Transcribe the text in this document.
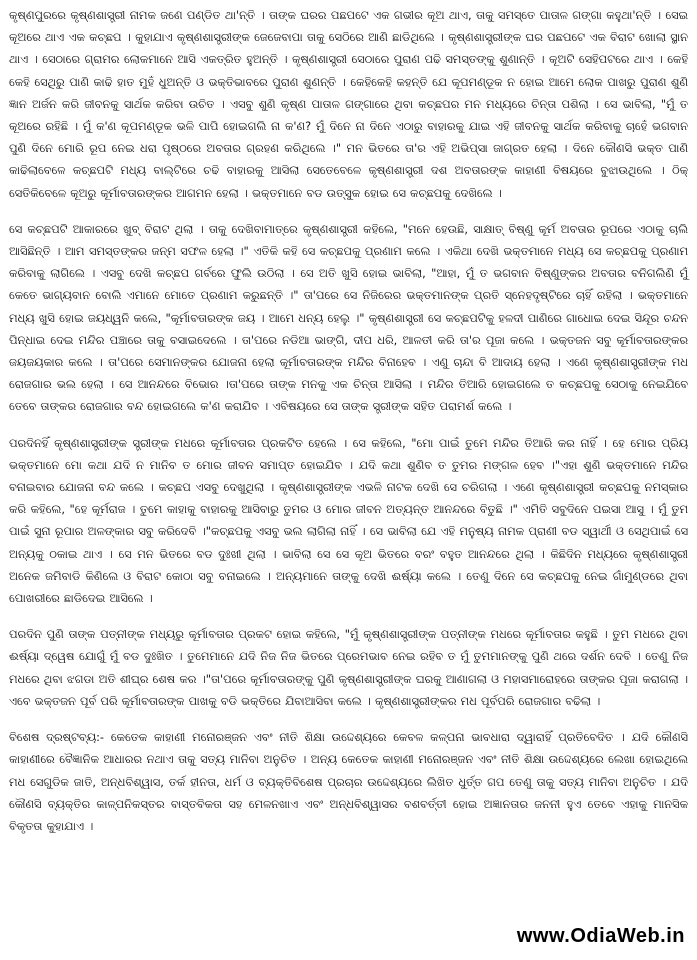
କୃଷ୍ଣପୁରରେ କୃଷ୍ଣଶାସ୍ତ୍ରୀ ନାମକ ଜଣେ ପଣ୍ଡିତ ଥା'ନ୍ତି । ତାଙ୍କ ଘରର ପଛପଟେ ଏକ ଗଭୀର କୂଅ ଥାଏ, ତାକୁ ସମସ୍ତେ ପାତାଳ ଗଙ୍ଗା କହୁଥା'ନ୍ତି । ସେଇ କୂଅରେ ଥାଏ ଏକ କଚ୍ଛପ । କୁହାଯାଏ କୃଷ୍ଣଶାସ୍ତ୍ରୀଙ୍କ ଜେଜେବାପା ତାକୁ ସେଠିରେ ଆଣି ଛାଡିଥିଲେ । କୃଷ୍ଣଶାସ୍ତ୍ରୀଙ୍କ ଘର ପଛପଟେ ଏକ ବିରାଟ ଖୋଲା ସ୍ଥାନ ଥାଏ । ସେଠାରେ ଗ୍ରାମର ଲୋକମାନେ ଆସି ଏକତ୍ରିତ ହୁଅନ୍ତି । କୃଷ୍ଣଶାସ୍ତ୍ରୀ ସେଠାରେ ପୁରାଣ ପଢି ସମସ୍ତଙ୍କୁ ଶୁଣାନ୍ତି । କୂଅଟି ସେହିପଟରେ ଥାଏ । କେହି କେହି ସେଥିରୁ ପାଣି କାଢି ହାତ ମୁହଁ ଧୁଅନ୍ତି ଓ ଭକ୍ତିଭାବରେ ପୁରାଣ ଶୁଣନ୍ତି । କେହିକେହି କହନ୍ତି ଯେ କୂପମଣ୍ଡୂକ ନ ହୋଇ ଆମେ ଲୋକ ପାଖରୁ ପୁରାଣ ଶୁଣି ଜ୍ଞାନ ଅର୍ଜନ କରି ଜୀବନକୁ ସାର୍ଥକ କରିବା ଉଚିତ । ଏସବୁ ଶୁଣି କୃଷ୍ଣ ପାତାଳ ଗଙ୍ଗାରେ ଥିବା କଚ୍ଛପର ମନ ମଧ୍ୟରେ ଚିନ୍ତା ପଶିଲା । ସେ ଭାବିଲା, "ମୁଁ ତ କୂଅରେ ରହିଛି । ମୁଁ କ'ଣ କୂପମଣ୍ଡୂକ ଭଳି ପାପି ହୋଇଗଲି ନା କ'ଣ? ମୁଁ ଦିନେ ନା ଦିନେ ଏଠାରୁ ବାହାରକୁ ଯାଇ ଏହି ଜୀବନକୁ ସାର୍ଥକ କରିବାକୁ ଚାହେଁ ଭଗବାନ ପୁଣି ଦିନେ ମୋରି ରୂପ ନେଇ ଧରା ପୃଷ୍ଠରେ ଅବତାର ଗ୍ରହଣ କରିଥିଲେ ।" ମନ ଭିତରେ ତା'ର ଏହି ଅଭିପ୍ସା ଜାଗ୍ରତ ହେଲା । ଦିନେ କୌଣସି ଭକ୍ତ ପାଣି କାଢିଲାବେଳେ କଚ୍ଛପଟି ମଧ୍ୟ ବାଲ୍ଟିରେ ଚଢି ବାହାରକୁ ଆସିଲା ସେତେବେଳେ କୃଷ୍ଣଶାସ୍ତ୍ରୀ ଦଶ ଅବତାରଙ୍କ କାହାଣୀ ବିଷୟରେ ବୁଝାଉଥିଲେ । ଠିକ୍ ସେତିକିବେଳେ କୂଅରୁ କୂର୍ମାବତାରଙ୍କର ଆଗମନ ହେଲା । ଭକ୍ତମାନେ ବଡ ଉତ୍ସୁକ ହୋଇ ସେ କଚ୍ଛପକୁ ଦେଖିଲେ ।

ସେ କଚ୍ଛପଟି ଆକାରରେ ଖୁବ୍ ବିରାଟ ଥିଲା । ତାକୁ ଦେଖିବାମାତ୍ରେ କୃଷ୍ଣଶାସ୍ତ୍ରୀ କହିଲେ, "ମନେ ହେଉଛି, ସାକ୍ଷାତ୍ ବିଷ୍ଣୁ କୂର୍ମ ଅବତାର ରୂପରେ ଏଠାକୁ ଚାଲି ଆସିଛିନ୍ତି । ଆମ ସମସ୍ତଙ୍କର ଜନ୍ମ ସଫଳ ହେଲା ।" ଏତିକି କହି ସେ କଚ୍ଛପକୁ ପ୍ରଣାମ କଲେ । ଏକିଥା ଦେଖି ଭକ୍ତମାନେ ମଧ୍ୟ ସେ କଚ୍ଛପକୁ ପ୍ରଣାମ କରିବାକୁ ଲାଗିଲେ । ଏସବୁ ଦେଖି କଚ୍ଛପ ଗର୍ବରେ ଫୁଲି ଉଠିଲା । ସେ ଅତି ଖୁସି ହୋଇ ଭାବିଲା, "ଆହା, ମୁଁ ତ ଭଗବାନ ବିଷ୍ଣୁଙ୍କର ଅବତାର ବନିଗଲିଣି ମୁଁ କେତେ ଭାଗ୍ୟବାନ ବୋଲି ଏମାନେ ମୋତେ ପ୍ରଣାମ କରୁଛନ୍ତି ।" ତା'ପରେ ସେ ନିଜିରେର ଭକ୍ତମାନଙ୍କ ପ୍ରତି ସ୍ନେହଦୃଷ୍ଟିରେ ଚାହିଁ ରହିଲା । ଭକ୍ତମାନେ ମଧ୍ୟ ଖୁସି ହୋଇ ଜୟଧ୍ୱନି କଲେ, "କୂର୍ମାବତାରଙ୍କ ଜୟ । ଆମେ ଧନ୍ୟ ହେଲୁ ।" କୃଷ୍ଣଶାସ୍ତ୍ରୀ ସେ କଚ୍ଛପଟିକୁ ହଳଦୀ ପାଣିରେ ଗାଧୋଇ ଦେଇ ସିନ୍ଦୂର ଚନ୍ଦନ ପିନ୍ଧାଇ ଦେଇ ମନ୍ଦିର ପଞ୍ଚାରେ ତାକୁ ବସାଇଦେଲେ । ତା'ପରେ ନଡିଆ ଭାଙ୍ଗି, ଦୀପ ଧରି, ଆଳତୀ କରି ତା'ର ପୂଜା କଲେ । ଭକ୍ତଜନ ସବୁ କୂର୍ମାବତାରଙ୍କର ଜୟଜୟକାର କଲେ । ତା'ପରେ ସେମାନଙ୍କର ଯୋଜନା ହେଲା କୂର୍ମାବତାରଙ୍କ ମନ୍ଦିର ବିନାହେବ । ଏଣୁ ଚାନ୍ଦା ବି ଆଦାୟ ହେଲା । ଏଣେ କୃଷ୍ଣଶାସ୍ତ୍ରୀଙ୍କ ମଧ ରୋଜଗାର ଭଲ ହେଲା । ସେ ଆନନ୍ଦରେ ବିଭୋର ।ତା'ପରେ ତାଙ୍କ ମନକୁ ଏକ ଚିନ୍ତା ଆସିଲା । ମନ୍ଦିର ତିଆରି ହୋଇଗଲେ ତ କଚ୍ଛପକୁ ସେଠାକୁ ନେଇଯିବେ ତେବେ ତାଙ୍କର ରୋଜଗାର ବନ୍ଦ ହୋଇଗଲେ କ'ଣ କରାଯିବ । ଏବିଷୟରେ ସେ ତାଙ୍କ ସ୍ତ୍ରୀଙ୍କ ସହିତ ପରାମର୍ଶ କଲେ ।

ପରଦିନହିଁ କୃଷ୍ଣଶାସ୍ତ୍ରୀଙ୍କ ସ୍ତ୍ରୀଙ୍କ ମଧରେ କୂର୍ମାବତାର ପ୍ରକଟିତ ହେଲେ । ସେ କହିଲେ, "ମୋ ପାଇଁ ତୁମେ ମନ୍ଦିର ତିଆରି କର ନାହିଁ । ହେ ମୋର ପ୍ରିୟ ଭକ୍ତମାନେ ମୋ କଥା ଯଦି ନ ମାନିବ ତ ମୋର ଜୀବନ ସମାପ୍ତ ହୋଇଯିବ । ଯଦି କଥା ଶୁଣିବ ତ ତୁମର ମଙ୍ଗଳ ହେବ ।"ଏହା ଶୁଣି ଭକ୍ତମାନେ ମନ୍ଦିର ବନାଇବାର ଯୋଜନା ବନ୍ଦ କଲେ । କଚ୍ଛପ ଏସବୁ ଦେଖୁଥିଲା । କୃଷ୍ଣଶାସ୍ତ୍ରୀଙ୍କ ଏଭଳି ନାଟକ ଦେଖି ସେ ଚରିଗଲା । ଏଣେ କୃଷ୍ଣଶାସ୍ତ୍ରୀ କଚ୍ଛପକୁ ନମସ୍କାର କରି କହିଲେ, "ହେ କୂର୍ମରାଜ । ତୁମେ କାହାକୁ ବାହାରକୁ ଆସିବାରୁ ତୁମର ଓ ମୋର ଜୀବନ ଅତ୍ୟନ୍ତ ଆନନ୍ଦରେ ବିତୁଛି ।" ଏମିତି ସବୁଦିନେ ପଇସା ଆସୁ । ମୁଁ ତୁମ ପାଇଁ ସୁନା ରୂପାର ଅଳଙ୍କାର ସବୁ କରିଦେବି ।"କଚ୍ଛପକୁ ଏସବୁ ଭଲ ଲାଗିଲା ନାହିଁ । ସେ ଭାବିଲା ଯେ ଏହି ମନୁଷ୍ୟ ନାମକ ପ୍ରାଣୀ ବଡ ସ୍ୱାର୍ଥୀ ଓ ସେଥିପାଇଁ ସେ ଅନ୍ୟକୁ ଠକାଇ ଥାଏ । ସେ ମନ ଭିତରେ ବଡ ଦୁଃଖୀ ଥିଲା । ଭାବିଲା ସେ ସେ କୂଅ ଭିତରେ ବରଂ ବହୁତ ଆନନ୍ଦରେ ଥିଲା । କିଛିଦିନ ମଧ୍ୟରେ କୃଷ୍ଣଶାସ୍ତ୍ରୀ ଅନେକ ଜମିବାଡି କିଣିଲେ ଓ ବିରାଟ କୋଠା ସବୁ ବନାଇଲେ । ଅନ୍ୟମାନେ ତାଙ୍କୁ ଦେଖି ଈର୍ଷ୍ୟା କଲେ । ତେଣୁ ଦିନେ ସେ କଚ୍ଛପକୁ ନେଇ ଗାଁମୁଣ୍ଡରେ ଥିବା ପୋଖରୀରେ ଛାଡିଦେଇ ଆସିଲେ ।

ପରଦିନ ପୁଣି ତାଙ୍କ ପତ୍ନୀଙ୍କ ମଧ୍ୟରୁ କୂର୍ମାବତାର ପ୍ରକଟ ହୋଇ କହିଲେ, "ମୁଁ କୃଷ୍ଣଶାସ୍ତ୍ରୀଙ୍କ ପତ୍ନୀଙ୍କ ମଧରେ କୂର୍ମାବତାର କହୁଛି । ତୁମ ମଧରେ ଥିବା ଈର୍ଷ୍ୟା ଦ୍ୱେଷ ଯୋଗୁଁ ମୁଁ ବଡ ଦୁଃଖିତ । ତୁମେମାନେ ଯଦି ନିଜ ନିଜ ଭିତରେ ପ୍ରେମଭାବ ନେଇ ରହିବ ତ ମୁଁ ତୁମମାନଙ୍କୁ ପୁଣି ଥରେ ଦର୍ଶନ ଦେବି । ତେଣୁ ନିଜ ମଧରେ ଥିବା ଝଗଡା ଅତି ଶୀଘ୍ର ଶେଷ କର ।"ତା'ପରେ କୂର୍ମାବତାରଙ୍କୁ ପୁଣି କୃଷ୍ଣଶାସ୍ତ୍ରୀଙ୍କ ଘରକୁ ଆଣାଗଲା ଓ ମହାସମାରୋହରେ ତାଙ୍କର ପୂଜା କରାଗଲା । ଏବେ ଭକ୍ତଜନ ପୂର୍ବ ପରି କୂର୍ମାବତାରଙ୍କ ପାଖକୁ ବଡି ଭକ୍ତିରେ ଯିବାଆସିବା କଲେ । କୃଷ୍ଣଶାସ୍ତ୍ରୀଙ୍କର ମଧ ପୂର୍ବପରି ରୋଜଗାର ବଢିଲା ।

ବିଶେଷ ଦ୍ରଷ୍ଟବ୍ୟ:- କେତେକ କାହାଣୀ ମନୋରଞ୍ଜନ ଏବଂ ନୀତି ଶିକ୍ଷା ଉଦ୍ଦେଶ୍ୟରେ କେବଳ କଳ୍ପନା ଭାବଧାରା ଦ୍ୱାରାହିଁ ପ୍ରତିବେଦିତ । ଯଦି କୌଣସି କାହାଣୀରେ ବୈଜ୍ଞାନିକ ଆଧାରର ନଥାଏ ତାକୁ ସତ୍ୟ ମାନିବା ଅନୁଚିତ । ଅନ୍ୟ କେତେକ କାହାଣୀ ମନୋରଞ୍ଜନ ଏବଂ ନୀତି ଶିକ୍ଷା ଉଦ୍ଦେଶ୍ୟରେ ଲେଖା ହୋଇଥିଲେ ମଧ ସେଗୁଡିକ ଜାତି, ଅନ୍ଧବିଶ୍ୱାସ, ତର୍କ ହୀନତା, ଧର୍ମ ଓ ବ୍ୟକ୍ତିବିଶେଷ ପ୍ରଚାର ଉଦ୍ଦେଶ୍ୟରେ ଲିଖିତ ଧୁର୍ତ୍ତ ଗପ ତେଣୁ ତାକୁ ସତ୍ୟ ମାନିବା ଅନୁଚିତ । ଯଦି କୌଣସି ବ୍ୟକ୍ତିର କାଳ୍ପନିକସ୍ତର ବାସ୍ତବିକତା ସହ ମେଳନଖାଏ ଏବଂ ଅନ୍ଧବିଶ୍ୱାସର ବଶବର୍ତ୍ତୀ ହୋଇ ଅଜ୍ଞାନତାର ଜନନୀ ହୁଏ ତେବେ ଏହାକୁ ମାନସିକ ବିକୃତତା କୁହାଯାଏ ।

www.OdiaWeb.in
